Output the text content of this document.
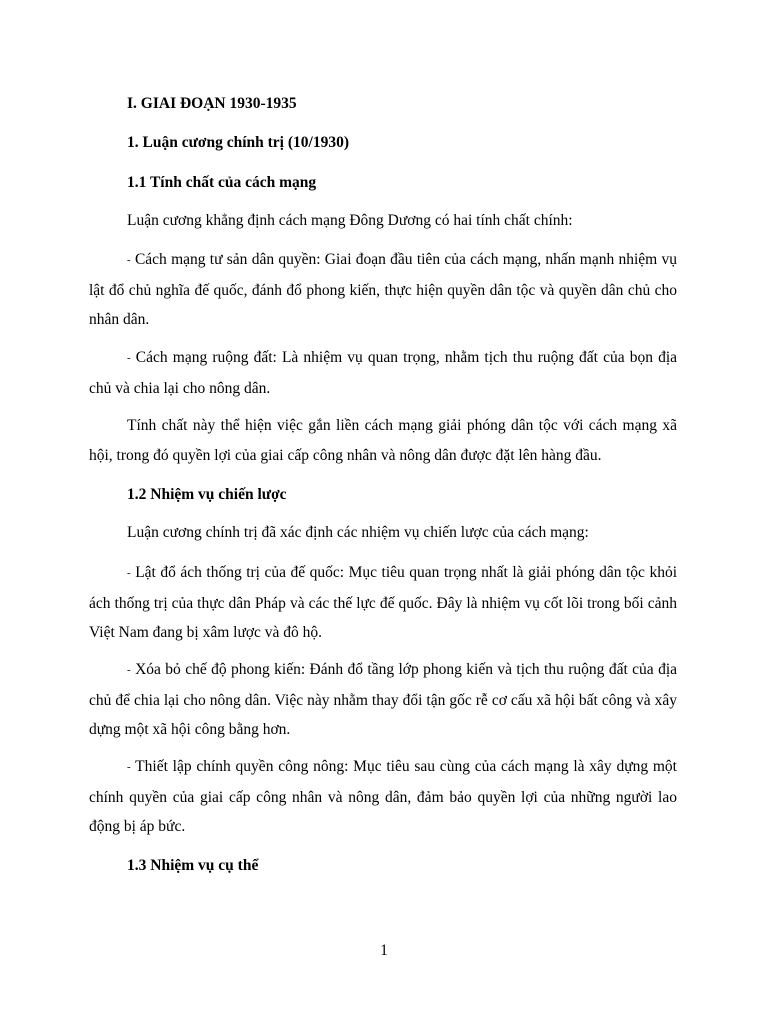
I. GIAI ĐOẠN 1930-1935
1. Luận cương chính trị (10/1930)
1.1 Tính chất của cách mạng
Luận cương khẳng định cách mạng Đông Dương có hai tính chất chính:
- Cách mạng tư sản dân quyền: Giai đoạn đầu tiên của cách mạng, nhấn mạnh nhiệm vụ lật đổ chủ nghĩa đế quốc, đánh đổ phong kiến, thực hiện quyền dân tộc và quyền dân chủ cho nhân dân.
- Cách mạng ruộng đất: Là nhiệm vụ quan trọng, nhằm tịch thu ruộng đất của bọn địa chủ và chia lại cho nông dân.
Tính chất này thể hiện việc gắn liền cách mạng giải phóng dân tộc với cách mạng xã hội, trong đó quyền lợi của giai cấp công nhân và nông dân được đặt lên hàng đầu.
1.2 Nhiệm vụ chiến lược
Luận cương chính trị đã xác định các nhiệm vụ chiến lược của cách mạng:
- Lật đổ ách thống trị của đế quốc: Mục tiêu quan trọng nhất là giải phóng dân tộc khỏi ách thống trị của thực dân Pháp và các thế lực đế quốc. Đây là nhiệm vụ cốt lõi trong bối cảnh Việt Nam đang bị xâm lược và đô hộ.
- Xóa bỏ chế độ phong kiến: Đánh đổ tầng lớp phong kiến và tịch thu ruộng đất của địa chủ để chia lại cho nông dân. Việc này nhằm thay đổi tận gốc rễ cơ cấu xã hội bất công và xây dựng một xã hội công bằng hơn.
- Thiết lập chính quyền công nông: Mục tiêu sau cùng của cách mạng là xây dựng một chính quyền của giai cấp công nhân và nông dân, đảm bảo quyền lợi của những người lao động bị áp bức.
1.3 Nhiệm vụ cụ thể
1
